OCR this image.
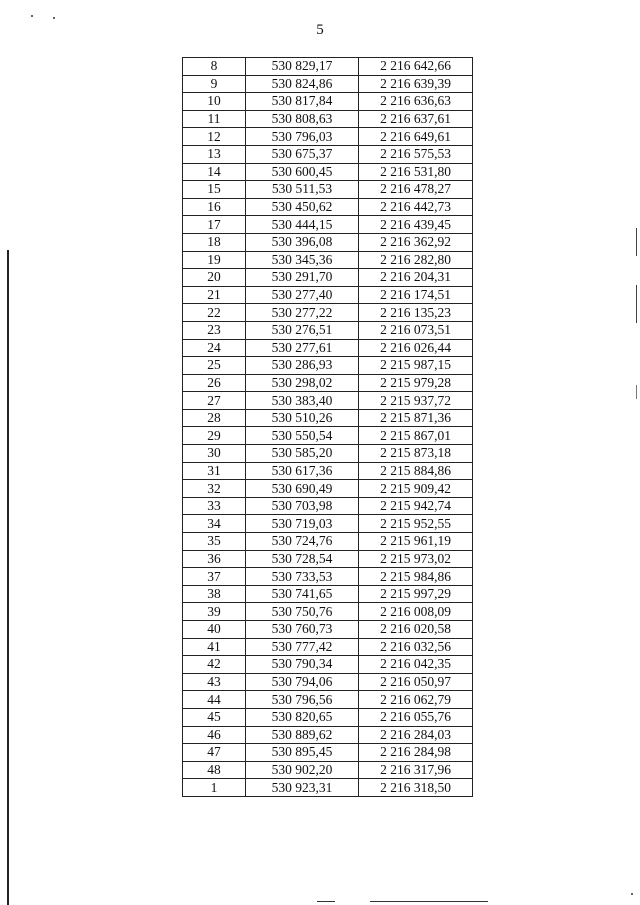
5
8	530 829,17	2 216 642,66
9	530 824,86	2 216 639,39
10	530 817,84	2 216 636,63
11	530 808,63	2 216 637,61
12	530 796,03	2 216 649,61
13	530 675,37	2 216 575,53
14	530 600,45	2 216 531,80
15	530 511,53	2 216 478,27
16	530 450,62	2 216 442,73
17	530 444,15	2 216 439,45
18	530 396,08	2 216 362,92
19	530 345,36	2 216 282,80
20	530 291,70	2 216 204,31
21	530 277,40	2 216 174,51
22	530 277,22	2 216 135,23
23	530 276,51	2 216 073,51
24	530 277,61	2 216 026,44
25	530 286,93	2 215 987,15
26	530 298,02	2 215 979,28
27	530 383,40	2 215 937,72
28	530 510,26	2 215 871,36
29	530 550,54	2 215 867,01
30	530 585,20	2 215 873,18
31	530 617,36	2 215 884,86
32	530 690,49	2 215 909,42
33	530 703,98	2 215 942,74
34	530 719,03	2 215 952,55
35	530 724,76	2 215 961,19
36	530 728,54	2 215 973,02
37	530 733,53	2 215 984,86
38	530 741,65	2 215 997,29
39	530 750,76	2 216 008,09
40	530 760,73	2 216 020,58
41	530 777,42	2 216 032,56
42	530 790,34	2 216 042,35
43	530 794,06	2 216 050,97
44	530 796,56	2 216 062,79
45	530 820,65	2 216 055,76
46	530 889,62	2 216 284,03
47	530 895,45	2 216 284,98
48	530 902,20	2 216 317,96
1	530 923,31	2 216 318,50
